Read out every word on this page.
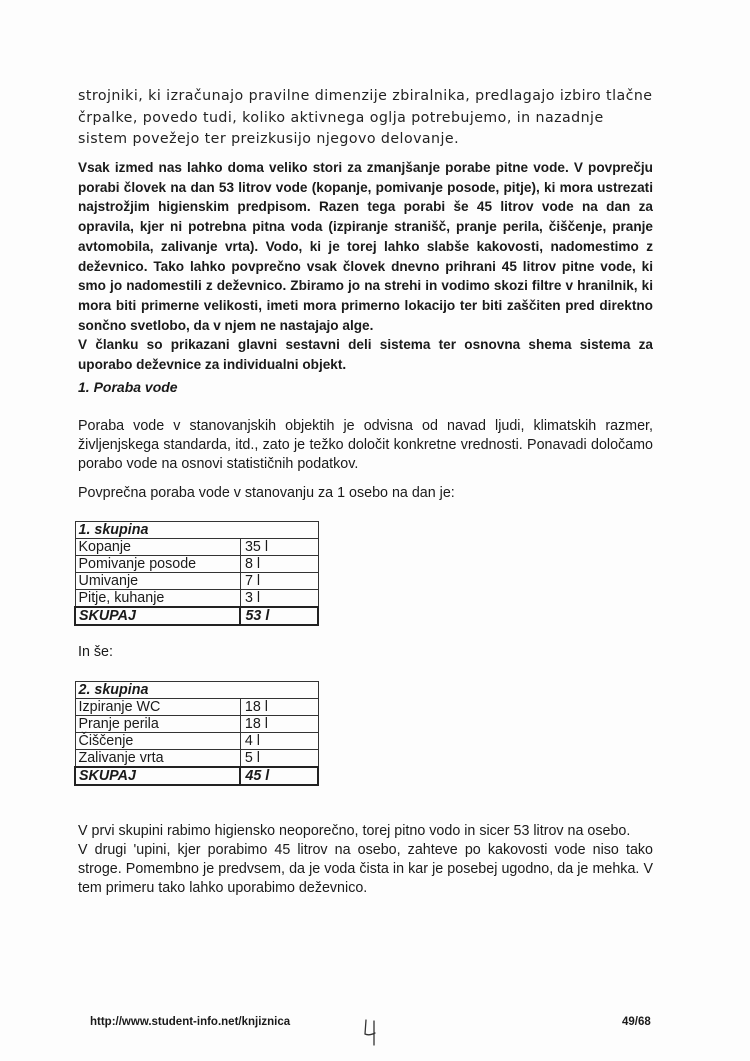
strojniki, ki izračunajo pravilne dimenzije zbiralnika, predlagajo izbiro tlačne črpalke, povedo tudi, koliko aktivnega oglja potrebujemo, in nazadnje sistem povežejo ter preizkusijo njegovo delovanje.

Vsak izmed nas lahko doma veliko stori za zmanjšanje porabe pitne vode. V povprečju porabi človek na dan 53 litrov vode (kopanje, pomivanje posode, pitje), ki mora ustrezati najstrožjim higienskim predpisom. Razen tega porabi še 45 litrov vode na dan za opravila, kjer ni potrebna pitna voda (izpiranje stranišč, pranje perila, čiščenje, pranje avtomobila, zalivanje vrta). Vodo, ki je torej lahko slabše kakovosti, nadomestimo z deževnico. Tako lahko povprečno vsak človek dnevno prihrani 45 litrov pitne vode, ki smo jo nadomestili z deževnico. Zbiramo jo na strehi in vodimo skozi filtre v hranilnik, ki mora biti primerne velikosti, imeti mora primerno lokacijo ter biti zaščiten pred direktno sončno svetlobo, da v njem ne nastajajo alge.

V članku so prikazani glavni sestavni deli sistema ter osnovna shema sistema za uporabo deževnice za individualni objekt.

1. Poraba vode

Poraba vode v stanovanjskih objektih je odvisna od navad ljudi, klimatskih razmer, življenjskega standarda, itd., zato je težko določit konkretne vrednosti. Ponavadi določamo porabo vode na osnovi statističnih podatkov.

Povprečna poraba vode v stanovanju za 1 osebo na dan je:

1. skupina	
Kopanje	35 l
Pomivanje posode	8 l
Umivanje	7 l
Pitje, kuhanje	3 l
SKUPAJ	53 l

In še:

2. skupina	
Izpiranje WC	18 l
Pranje perila	18 l
Čiščenje	4 l
Zalivanje vrta	5 l
SKUPAJ	45 l
V prvi skupini rabimo higiensko neoporečno, torej pitno vodo in sicer 53 litrov na osebo.
V drugi 'upini, kjer porabimo 45 litrov na osebo, zahteve po kakovosti vode niso tako stroge. Pomembno je predvsem, da je voda čista in kar je posebej ugodno, da je mehka. V tem primeru tako lahko uporabimo deževnico.
http://www.student-info.net/knjiznica	49/68
